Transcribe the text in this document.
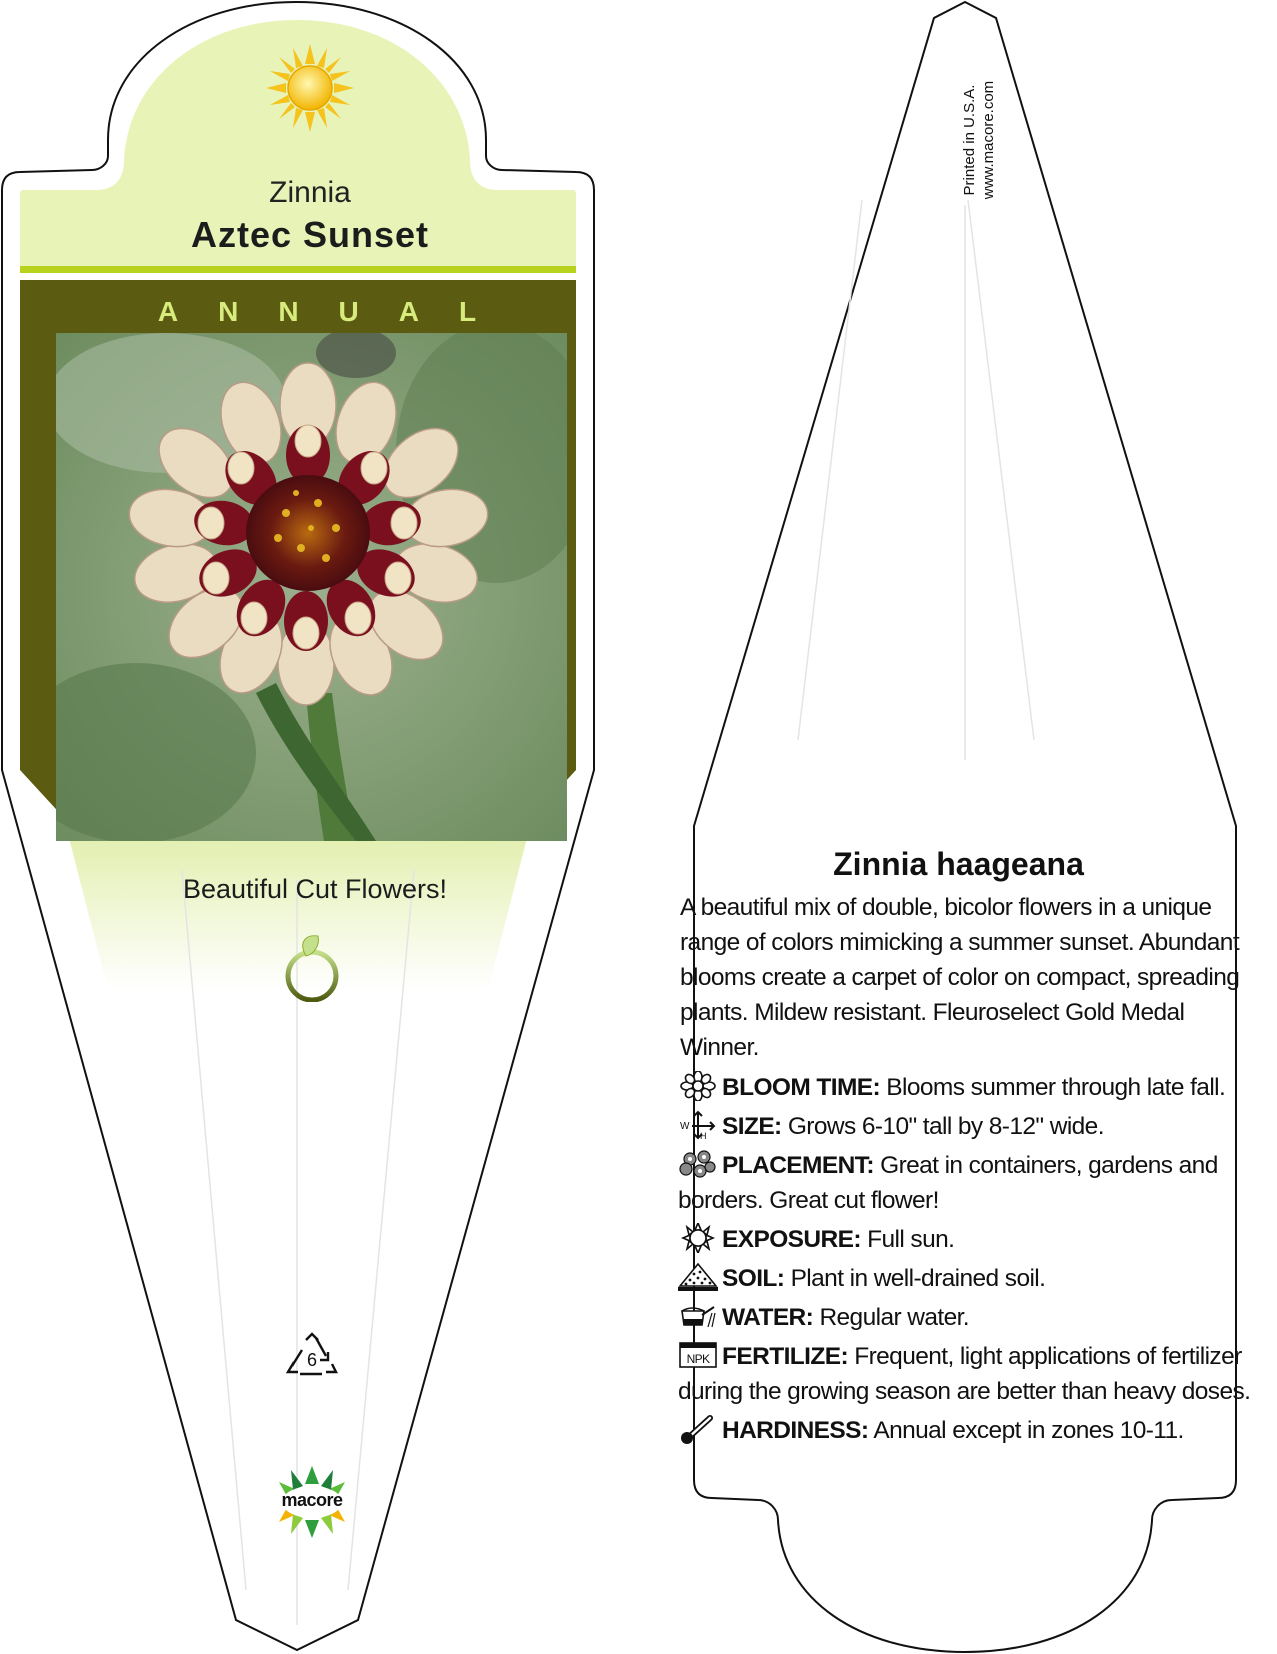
Zinnia
Aztec Sunset
ANNUAL
Beautiful Cut Flowers!
6
macore
Printed in U.S.A. www.macore.com
Zinnia haageana
A beautiful mix of double, bicolor flowers in a unique range of colors mimicking a summer sunset. Abundant blooms create a carpet of color on compact, spreading plants. Mildew resistant. Fleuroselect Gold Medal Winner.
BLOOM TIME: Blooms summer through late fall.
W
H SIZE: Grows 6-10" tall by 8-12" wide.
PLACEMENT: Great in containers, gardens and borders. Great cut flower!
EXPOSURE: Full sun.
SOIL: Plant in well-drained soil.
WATER: Regular water.
NPK FERTILIZE: Frequent, light applications of fertilizer during the growing season are better than heavy doses.
HARDINESS: Annual except in zones 10-11.
